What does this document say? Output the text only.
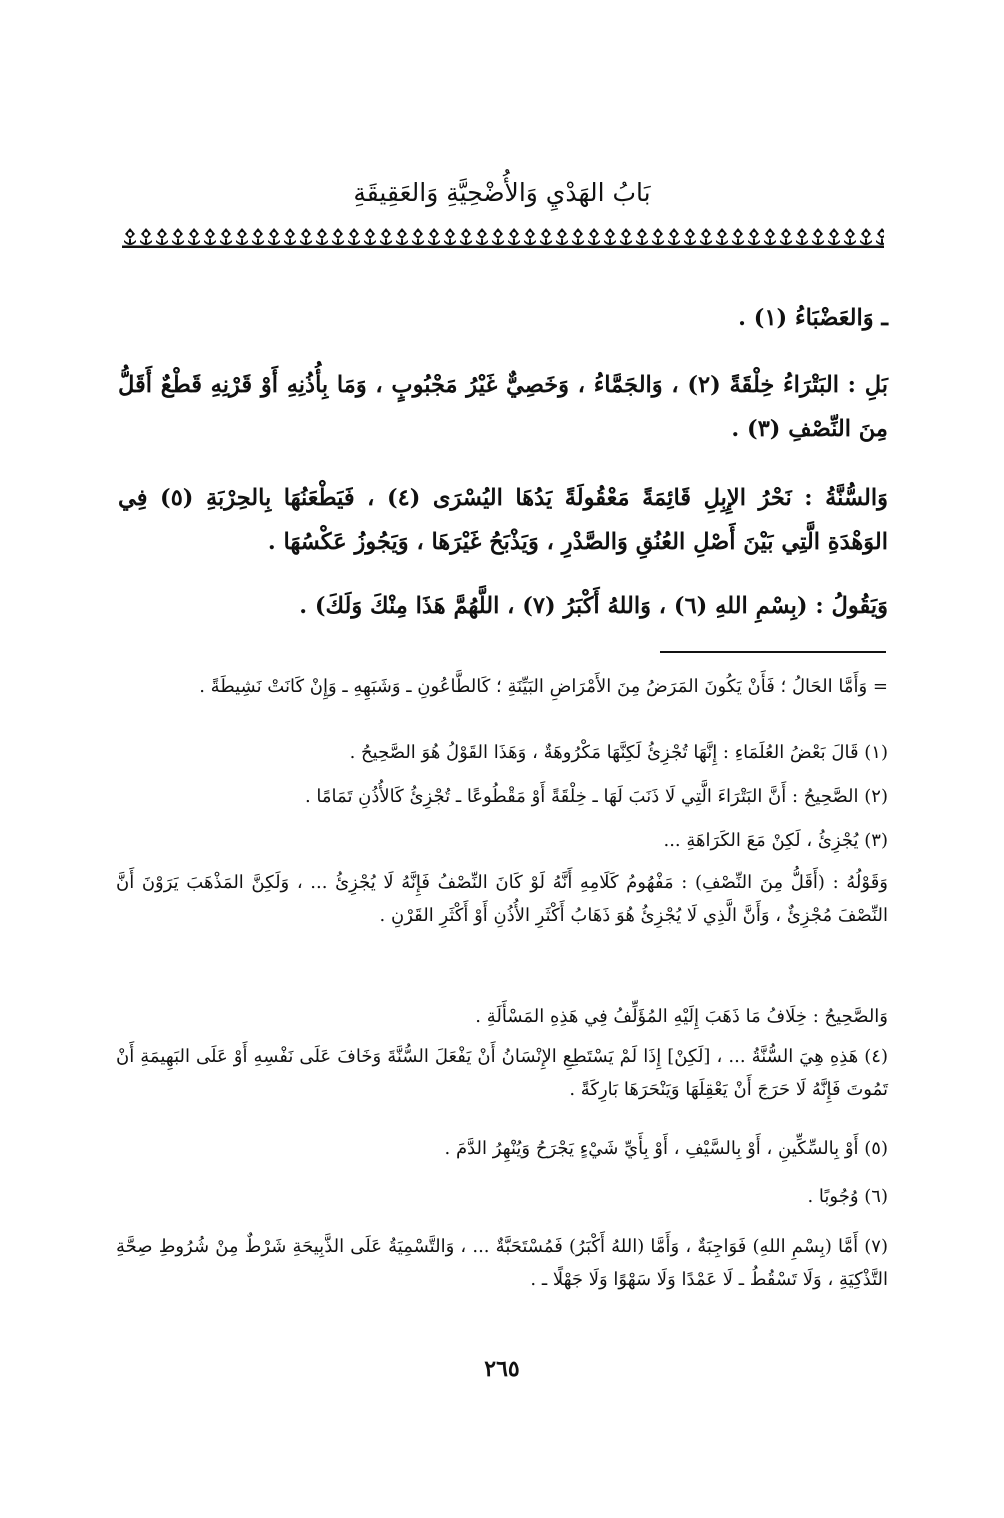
بَابُ الهَدْيِ وَالأُضْحِيَّةِ وَالعَقِيقَةِ

ـ وَالعَضْبَاءُ (١) .

بَلِ : البَتْرَاءُ خِلْقَةً (٢) ، وَالجَمَّاءُ ، وَخَصِيٌّ غَيْرُ مَجْبُوبٍ ، وَمَا بِأُذُنِهِ أَوْ قَرْنِهِ قَطْعٌ أَقَلُّ مِنَ النِّصْفِ (٣) .

وَالسُّنَّةُ : نَحْرُ الإِبِلِ قَائِمَةً مَعْقُولَةً يَدُهَا اليُسْرَى (٤) ، فَيَطْعَنُهَا بِالحِرْبَةِ (٥) فِي الوَهْدَةِ الَّتِي بَيْنَ أَصْلِ العُنُقِ وَالصَّدْرِ ، وَيَذْبَحُ غَيْرَهَا ، وَيَجُوزُ عَكْسُهَا .

وَيَقُولُ : (بِسْمِ اللهِ (٦) ، وَاللهُ أَكْبَرُ (٧) ، اللَّهُمَّ هَذَا مِنْكَ وَلَكَ) .

= وَأَمَّا الحَالُ ؛ فَأَنْ يَكُونَ المَرَضُ مِنَ الأَمْرَاضِ البَيِّنَةِ ؛ كَالطَّاعُونِ ـ وَشَبَهِهِ ـ وَإِنْ كَانَتْ نَشِيطَةً .

(١) قَالَ بَعْضُ العُلَمَاءِ : إِنَّهَا تُجْزِئُ لَكِنَّهَا مَكْرُوهَةٌ ، وَهَذَا القَوْلُ هُوَ الصَّحِيحُ .

(٢) الصَّحِيحُ : أَنَّ البَتْرَاءَ الَّتِي لَا ذَنَبَ لَهَا ـ خِلْقَةً أَوْ مَقْطُوعًا ـ تُجْزِئُ كَالأُذُنِ تَمَامًا .

(٣) يُجْزِئُ ، لَكِنْ مَعَ الكَرَاهَةِ ...

وَقَوْلُهُ : (أَقَلُّ مِنَ النِّصْفِ) : مَفْهُومُ كَلَامِهِ أَنَّهُ لَوْ كَانَ النِّصْفُ فَإِنَّهُ لَا يُجْزِئُ ... ، وَلَكِنَّ المَذْهَبَ يَرَوْنَ أَنَّ النِّصْفَ مُجْزِئٌ ، وَأَنَّ الَّذِي لَا يُجْزِئُ هُوَ ذَهَابُ أَكْثَرِ الأُذُنِ أَوْ أَكْثَرِ القَرْنِ .

وَالصَّحِيحُ : خِلَافُ مَا ذَهَبَ إِلَيْهِ المُؤَلِّفُ فِي هَذِهِ المَسْأَلَةِ .

(٤) هَذِهِ هِيَ السُّنَّةُ ... ، [لَكِنْ] إِذَا لَمْ يَسْتَطِعِ الإِنْسَانُ أَنْ يَفْعَلَ السُّنَّةَ وَخَافَ عَلَى نَفْسِهِ أَوْ عَلَى البَهِيمَةِ أَنْ تَمُوتَ فَإِنَّهُ لَا حَرَجَ أَنْ يَعْقِلَهَا وَيَنْحَرَهَا بَارِكَةً .

(٥) أَوْ بِالسِّكِّينِ ، أَوْ بِالسَّيْفِ ، أَوْ بِأَيِّ شَيْءٍ يَجْرَحُ وَيُنْهِرُ الدَّمَ .

(٦) وُجُوبًا .

(٧) أَمَّا (بِسْمِ اللهِ) فَوَاجِبَةٌ ، وَأَمَّا (اللهُ أَكْبَرُ) فَمُسْتَحَبَّةٌ ... ، وَالتَّسْمِيَةُ عَلَى الذَّبِيحَةِ شَرْطٌ مِنْ شُرُوطِ صِحَّةِ التَّذْكِيَةِ ، وَلَا تَسْقُطُ ـ لَا عَمْدًا وَلَا سَهْوًا وَلَا جَهْلًا ـ .

٢٦٥
